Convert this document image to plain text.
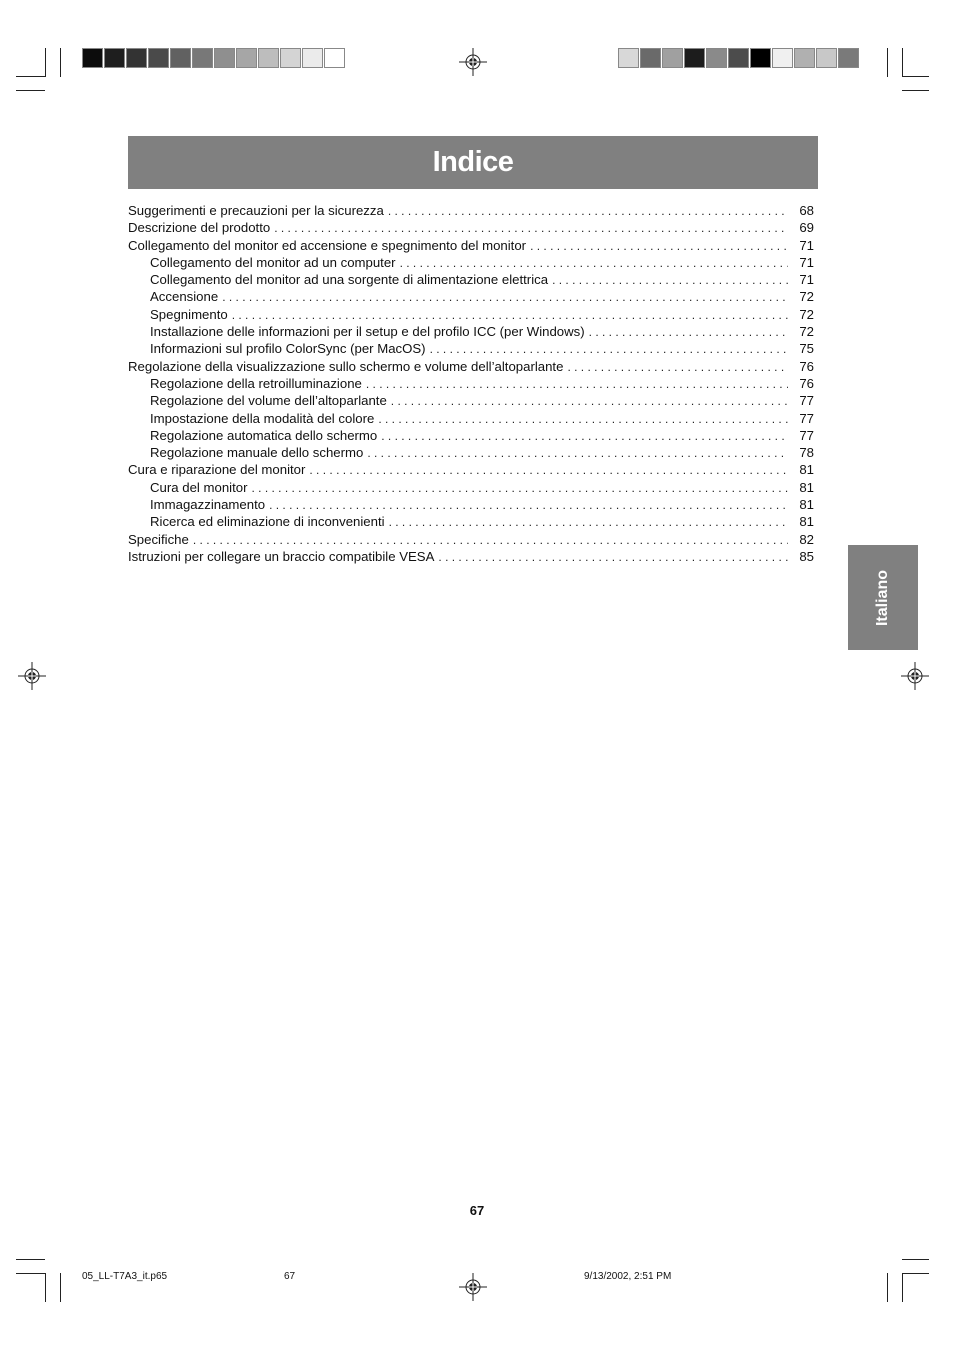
Indice
Suggerimenti e precauzioni per la sicurezza . . .	68
Descrizione del prodotto . . .	69
Collegamento del monitor ed accensione e spegnimento del monitor . . .	71
Collegamento del monitor ad un computer . . .	71
Collegamento del monitor ad una sorgente di alimentazione elettrica . . .	71
Accensione . . .	72
Spegnimento . . .	72
Installazione delle informazioni per il setup e del profilo ICC (per Windows) . . .	72
Informazioni sul profilo ColorSync (per MacOS) . . .	75
Regolazione della visualizzazione sullo schermo e volume dell’altoparlante . . .	76
Regolazione della retroilluminazione . . .	76
Regolazione del volume dell’altoparlante . . .	77
Impostazione della modalità del colore . . .	77
Regolazione automatica dello schermo . . .	77
Regolazione manuale dello schermo . . .	78
Cura e riparazione del monitor . . .	81
Cura del monitor . . .	81
Immagazzinamento . . .	81
Ricerca ed eliminazione di inconvenienti . . .	81
Specifiche . . .	82
Istruzioni per collegare un braccio compatibile VESA . . .	85
Italiano
67
05_LL-T7A3_it.p65	67	9/13/2002, 2:51 PM
